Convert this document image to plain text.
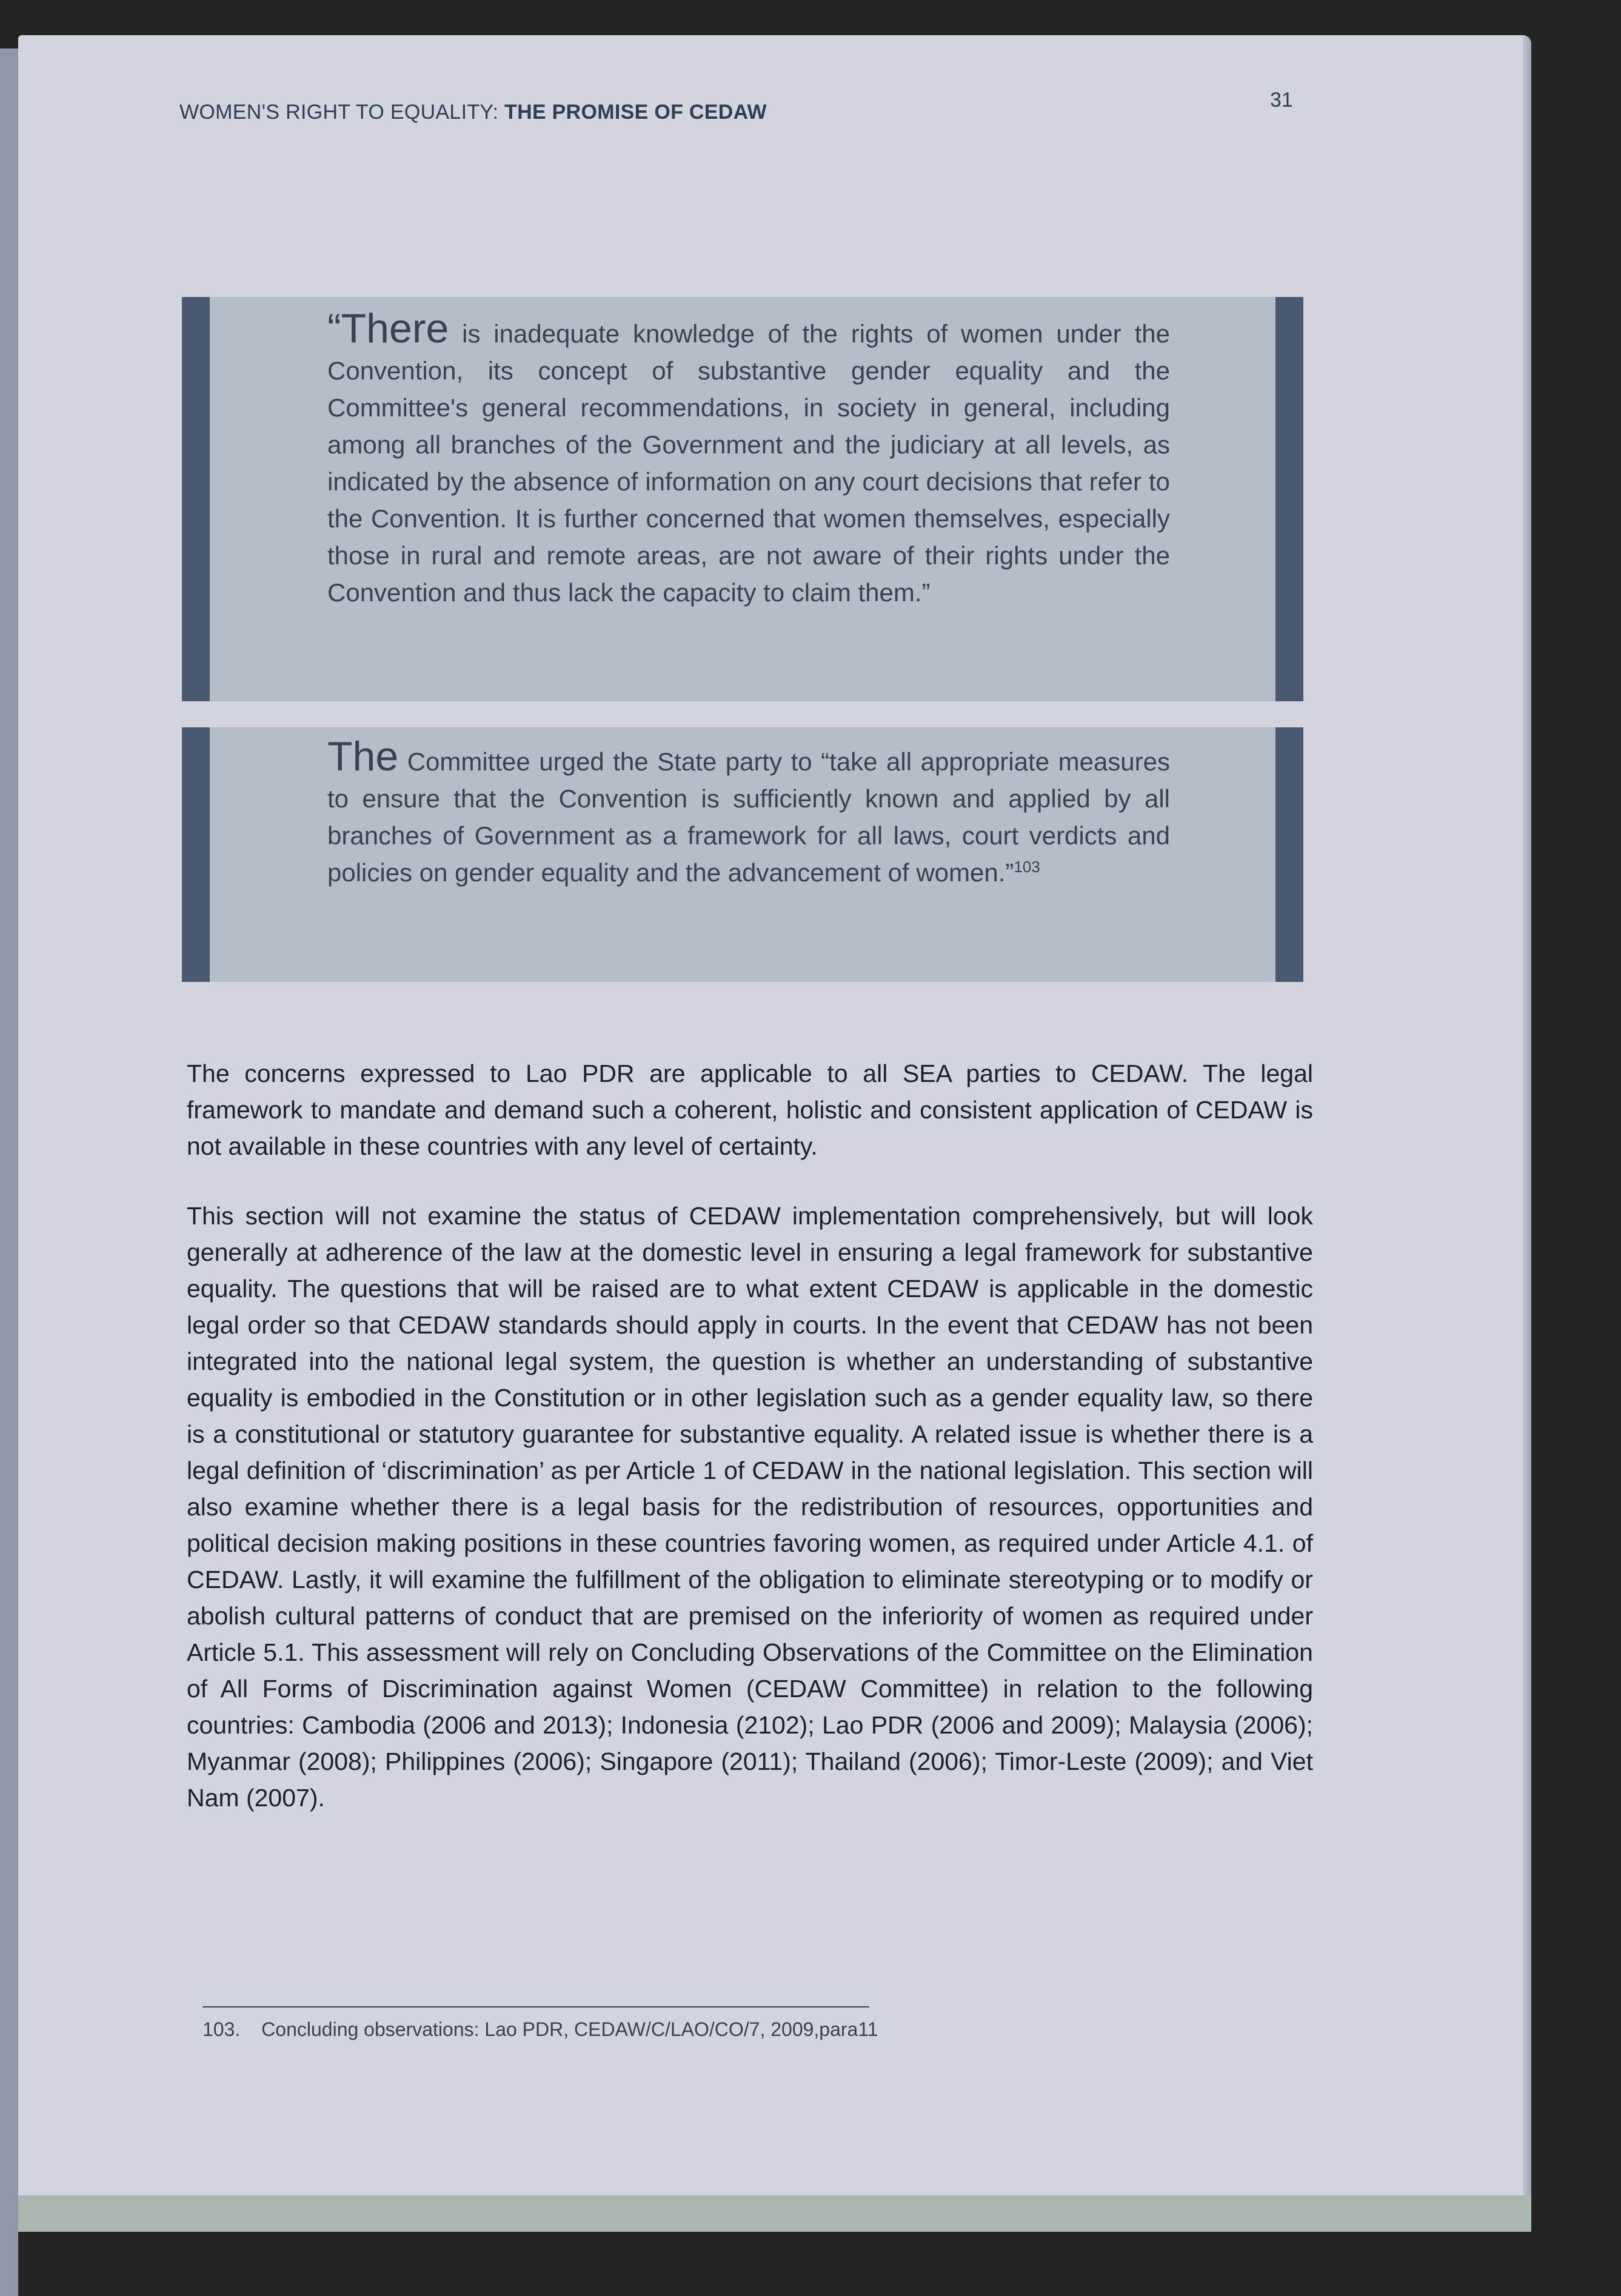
WOMEN'S RIGHT TO EQUALITY: THE PROMISE OF CEDAW
31
“There is inadequate knowledge of the rights of women under the Convention, its concept of substantive gender equality and the Committee's general recommendations, in society in general, including among all branches of the Government and the judiciary at all levels, as indicated by the absence of information on any court decisions that refer to the Convention. It is further concerned that women themselves, especially those in rural and remote areas, are not aware of their rights under the Convention and thus lack the capacity to claim them.”
The Committee urged the State party to “take all appropriate measures to ensure that the Convention is sufficiently known and applied by all branches of Government as a framework for all laws, court verdicts and policies on gender equality and the advancement of women.”$^{103}$

The concerns expressed to Lao PDR are applicable to all SEA parties to CEDAW. The legal framework to mandate and demand such a coherent, holistic and consistent application of CEDAW is not available in these countries with any level of certainty.

This section will not examine the status of CEDAW implementation comprehensively, but will look generally at adherence of the law at the domestic level in ensuring a legal framework for substantive equality. The questions that will be raised are to what extent CEDAW is applicable in the domestic legal order so that CEDAW standards should apply in courts. In the event that CEDAW has not been integrated into the national legal system, the question is whether an understanding of substantive equality is embodied in the Constitution or in other legislation such as a gender equality law, so there is a constitutional or statutory guarantee for substantive equality. A related issue is whether there is a legal definition of ‘discrimination’ as per Article 1 of CEDAW in the national legislation. This section will also examine whether there is a legal basis for the redistribution of resources, opportunities and political decision making positions in these countries favoring women, as required under Article 4.1. of CEDAW. Lastly, it will examine the fulfillment of the obligation to eliminate stereotyping or to modify or abolish cultural patterns of conduct that are premised on the inferiority of women as required under Article 5.1. This assessment will rely on Concluding Observations of the Committee on the Elimination of All Forms of Discrimination against Women (CEDAW Committee) in relation to the following countries: Cambodia (2006 and 2013); Indonesia (2102); Lao PDR (2006 and 2009); Malaysia (2006); Myanmar (2008); Philippines (2006); Singapore (2011); Thailand (2006); Timor-Leste (2009); and Viet Nam (2007).

103. Concluding observations: Lao PDR, CEDAW/C/LAO/CO/7, 2009,para11
